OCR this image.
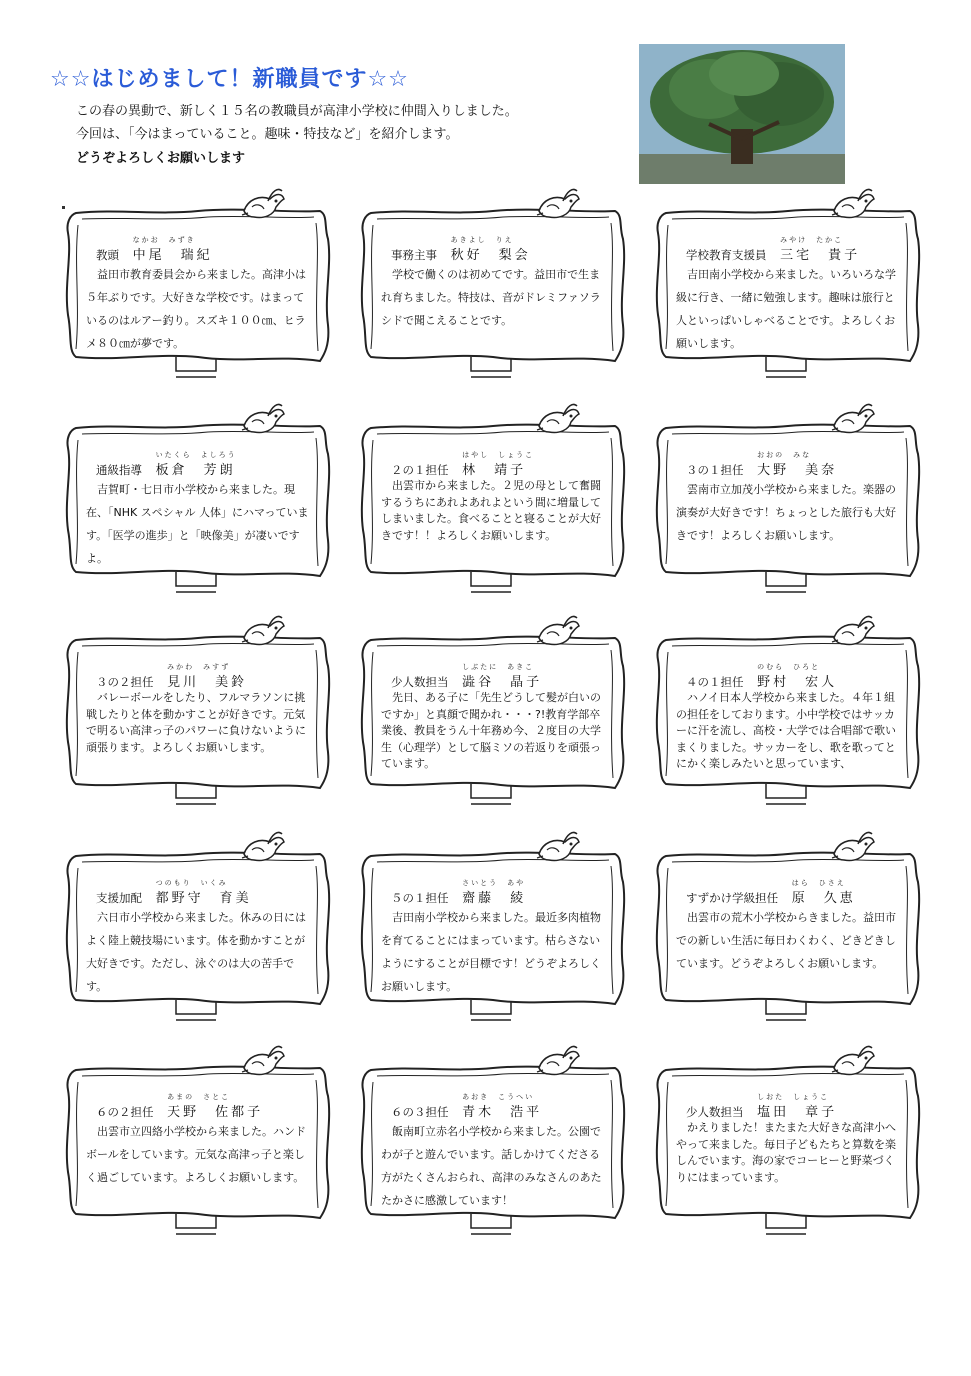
☆☆はじめまして！新職員です☆☆
この春の異動で、新しく１５名の教職員が高津小学校に仲間入りしました。
今回は、「今はまっていること。趣味・特技など」を紹介します。
どうぞよろしくお願いします
教頭
なかお　みずき
中尾　瑞紀
益田市教育委員会から来ました。高津小は５年ぶりです。大好きな学校です。はまっているのはルアー釣り。スズキ１００㎝、ヒラメ８０㎝が夢です。
事務主事
あきよし　りえ
秋好　梨会
学校で働くのは初めてです。益田市で生まれ育ちました。特技は、音がドレミファソラシドで聞こえることです。
学校教育支援員
みやけ　たかこ
三宅　貴子
吉田南小学校から来ました。いろいろな学級に行き、一緒に勉強します。趣味は旅行と人といっぱいしゃべることです。よろしくお願いします。
通級指導
いたくら　よしろう
板倉　芳朗
吉賀町・七日市小学校から来ました。現在、「NHK スペシャル 人体」にハマっています。「医学の進歩」と「映像美」が凄いですよ。
２の１担任
はやし　しょうこ
林　靖子
出雲市から来ました。２児の母として奮闘するうちにあれよあれよという間に増量してしまいました。食べることと寝ることが大好きです！！よろしくお願いします。
３の１担任
おおの　みな
大野　美奈
雲南市立加茂小学校から来ました。楽器の演奏が大好きです！ちょっとした旅行も大好きです！よろしくお願いします。
３の２担任
みかわ　みすず
見川　美鈴
バレーボールをしたり、フルマラソンに挑戦したりと体を動かすことが好きです。元気で明るい高津っ子のパワーに負けないように頑張ります。よろしくお願いします。
少人数担当
しぶたに　あきこ
澁谷　晶子
先日、ある子に「先生どうして髪が白いのですか」と真顔で聞かれ・・・?!教育学部卒業後、教員をうん十年務め今、２度目の大学生（心理学）として脳ミソの若返りを頑張っています。
４の１担任
のむら　ひろと
野村　宏人
ハノイ日本人学校から来ました。４年１組の担任をしております。小中学校ではサッカーに汗を流し、高校・大学では合唱部で歌いまくりました。サッカーをし、歌を歌ってとにかく楽しみたいと思っています、
支援加配
つのもり　いくみ
都野守　育美
六日市小学校から来ました。休みの日にはよく陸上競技場にいます。体を動かすことが大好きです。ただし、泳ぐのは大の苦手です。
５の１担任
さいとう　あや
齋藤　綾
吉田南小学校から来ました。最近多肉植物を育てることにはまっています。枯らさないようにすることが目標です！どうぞよろしくお願いします。
すずかけ学級担任
はら　ひさえ
原　久恵
出雲市の荒木小学校からきました。益田市での新しい生活に毎日わくわく、どきどきしています。どうぞよろしくお願いします。
６の２担任
あまの　さとこ
天野　佐都子
出雲市立四絡小学校から来ました。ハンドボールをしています。元気な高津っ子と楽しく過ごしています。よろしくお願いします。
６の３担任
あおき　こうへい
青木　浩平
飯南町立赤名小学校から来ました。公園でわが子と遊んでいます。話しかけてくださる方がたくさんおられ、高津のみなさんのあたたかさに感激しています！
少人数担当
しおた　しょうこ
塩田　章子
かえりました！またまた大好きな高津小へやって来ました。毎日子どもたちと算数を楽しんでいます。海の家でコーヒーと野菜づくりにはまっています。
